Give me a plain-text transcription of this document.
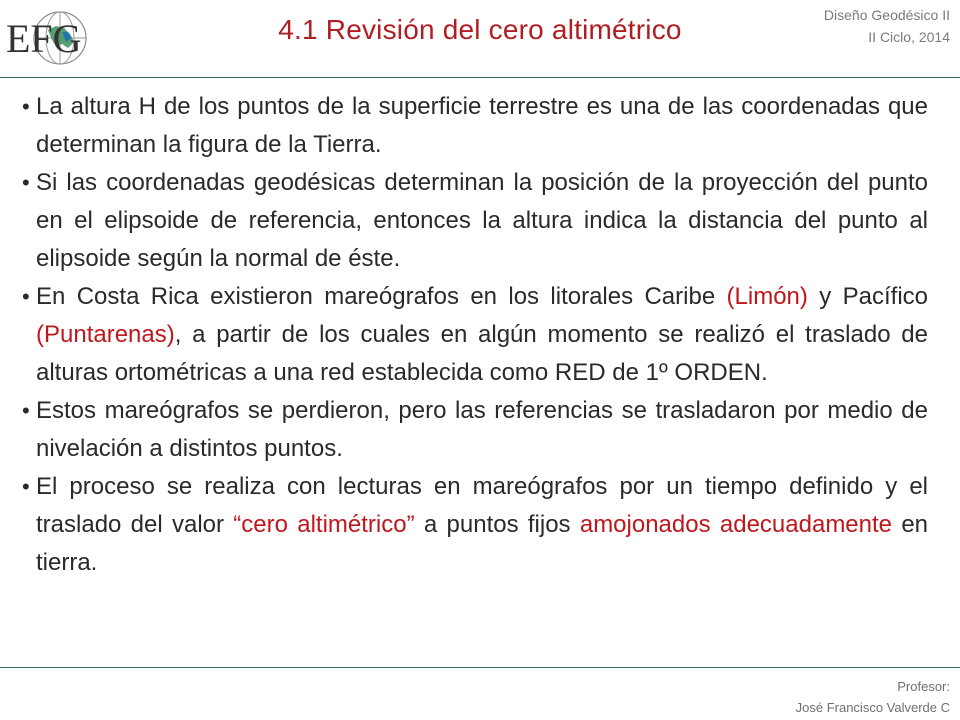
EFG	4.1 Revisión del cero altimétrico	Diseño Geodésico II
II Ciclo, 2014
• La altura H de los puntos de la superficie terrestre es una de las coordenadas que determinan la figura de la Tierra.
• Si las coordenadas geodésicas determinan la posición de la proyección del punto en el elipsoide de referencia, entonces la altura indica la distancia del punto al elipsoide según la normal de éste.
• En Costa Rica existieron mareógrafos en los litorales Caribe (Limón) y Pacífico (Puntarenas), a partir de los cuales en algún momento se realizó el traslado de alturas ortométricas a una red establecida como RED de 1º ORDEN.
• Estos mareógrafos se perdieron, pero las referencias se trasladaron por medio de nivelación a distintos puntos.
• El proceso se realiza con lecturas en mareógrafos por un tiempo definido y el traslado del valor “cero altimétrico” a puntos fijos amojonados adecuadamente en tierra.
Profesor:
José Francisco Valverde C
